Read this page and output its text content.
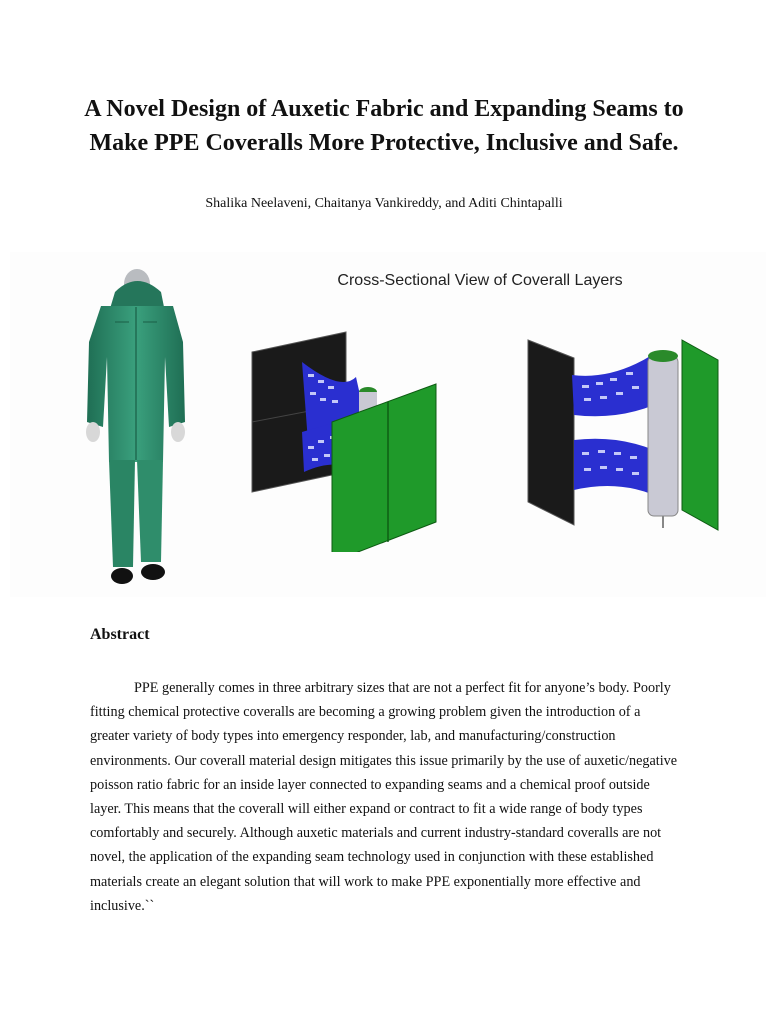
A Novel Design of Auxetic Fabric and Expanding Seams to Make PPE Coveralls More Protective, Inclusive and Safe.

Shalika Neelaveni, Chaitanya Vankireddy, and Aditi Chintapalli

Cross-Sectional View of Coverall Layers

Abstract

PPE generally comes in three arbitrary sizes that are not a perfect fit for anyone’s body. Poorly fitting chemical protective coveralls are becoming a growing problem given the introduction of a greater variety of body types into emergency responder, lab, and manufacturing/construction environments. Our coverall material design mitigates this issue primarily by the use of auxetic/negative poisson ratio fabric for an inside layer connected to expanding seams and a chemical proof outside layer. This means that the coverall will either expand or contract to fit a wide range of body types comfortably and securely. Although auxetic materials and current industry-standard coveralls are not novel, the application of the expanding seam technology used in conjunction with these established materials create an elegant solution that will work to make PPE exponentially more effective and inclusive.``
